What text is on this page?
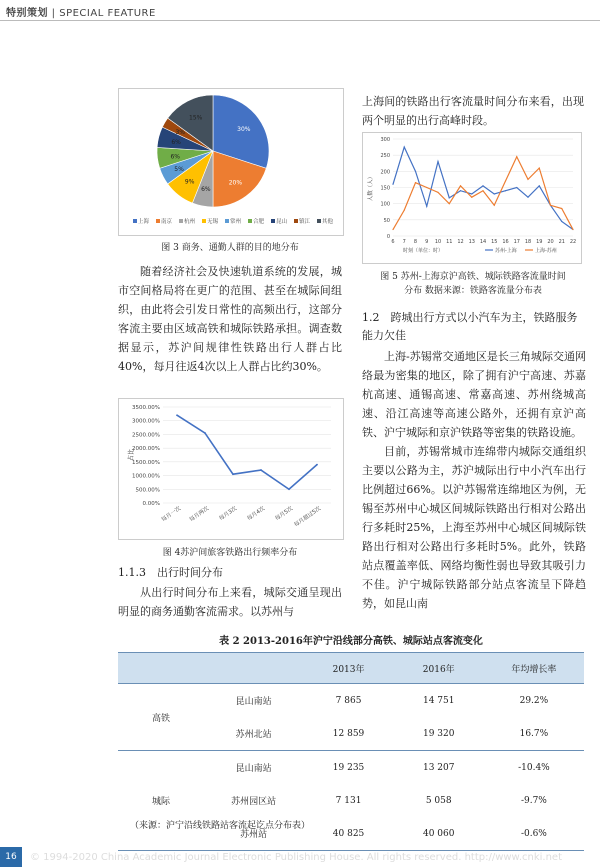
特别策划 | SPECIAL FEATURE
30%
20%
6%
9%
5%
6%
6%
3%
15%
上海 南京 杭州 无锡 常州 合肥 昆山 镇江 其他
图 3 商务、通勤人群的目的地分布

随着经济社会及快速轨道系统的发展，城市空间格局将在更广的范围、甚至在城际间组织，由此将会引发日常性的高频出行，这部分客流主要由区域高铁和城际铁路承担。调查数据显示，苏沪间规律性铁路出行人群占比40%，每月往返4次以上人群占比约30%。

0.00%
500.00%
1000.00%
1500.00%
2000.00%
2500.00%
3000.00%
3500.00%
占比
每月一次 每月两次 每月3次 每月4次 每月5次 每月超过5次
图 4苏沪间旅客铁路出行频率分布
1.1.3　出行时间分布

从出行时间分布上来看，城际交通呈现出明显的商务通勤客流需求。以苏州与

上海间的铁路出行客流量时间分布来看，出现两个明显的出行高峰时段。

0
50
100
150
200
250
300
人数（人）
6 7 8 9 10 11 12 13 14 15 16 17 18 19 20 21 22
时刻（单位：时）	苏州-上海	上海-苏州
图 5 苏州-上海京沪高铁、城际铁路客流量时间
分布 数据来源：铁路客流量分布表
1.2　跨城出行方式以小汽车为主，铁路服务
能力欠佳

上海-苏锡常交通地区是长三角城际交通网络最为密集的地区，除了拥有沪宁高速、苏嘉杭高速、通锡高速、常嘉高速、苏州绕城高速、沿江高速等高速公路外，还拥有京沪高铁、沪宁城际和京沪铁路等密集的铁路设施。

目前，苏锡常城市连绵带内城际交通组织主要以公路为主，苏沪城际出行中小汽车出行比例超过66%。以沪苏锡常连绵地区为例，无锡至苏州中心城区间城际铁路出行相对公路出行多耗时25%，上海至苏州中心城区间城际铁路出行相对公路出行多耗时5%。此外，铁路站点覆盖率低、网络均衡性弱也导致其吸引力不佳。沪宁城际铁路部分站点客流呈下降趋势，如昆山南

表 2 2013-2016年沪宁沿线部分高铁、城际站点客流变化
		2013年	2016年	年均增长率
高铁	昆山南站	7 865	14 751	29.2%
	苏州北站	12 859	19 320	16.7%
城际	昆山南站	19 235	13 207	-10.4%
	苏州园区站	7 131	5 058	-9.7%
	苏州站	40 825	40 060	-0.6%
（来源：沪宁沿线铁路站客流起讫点分布表）
16	© 1994-2020 China Academic Journal Electronic Publishing House. All rights reserved. http://www.cnki.net
